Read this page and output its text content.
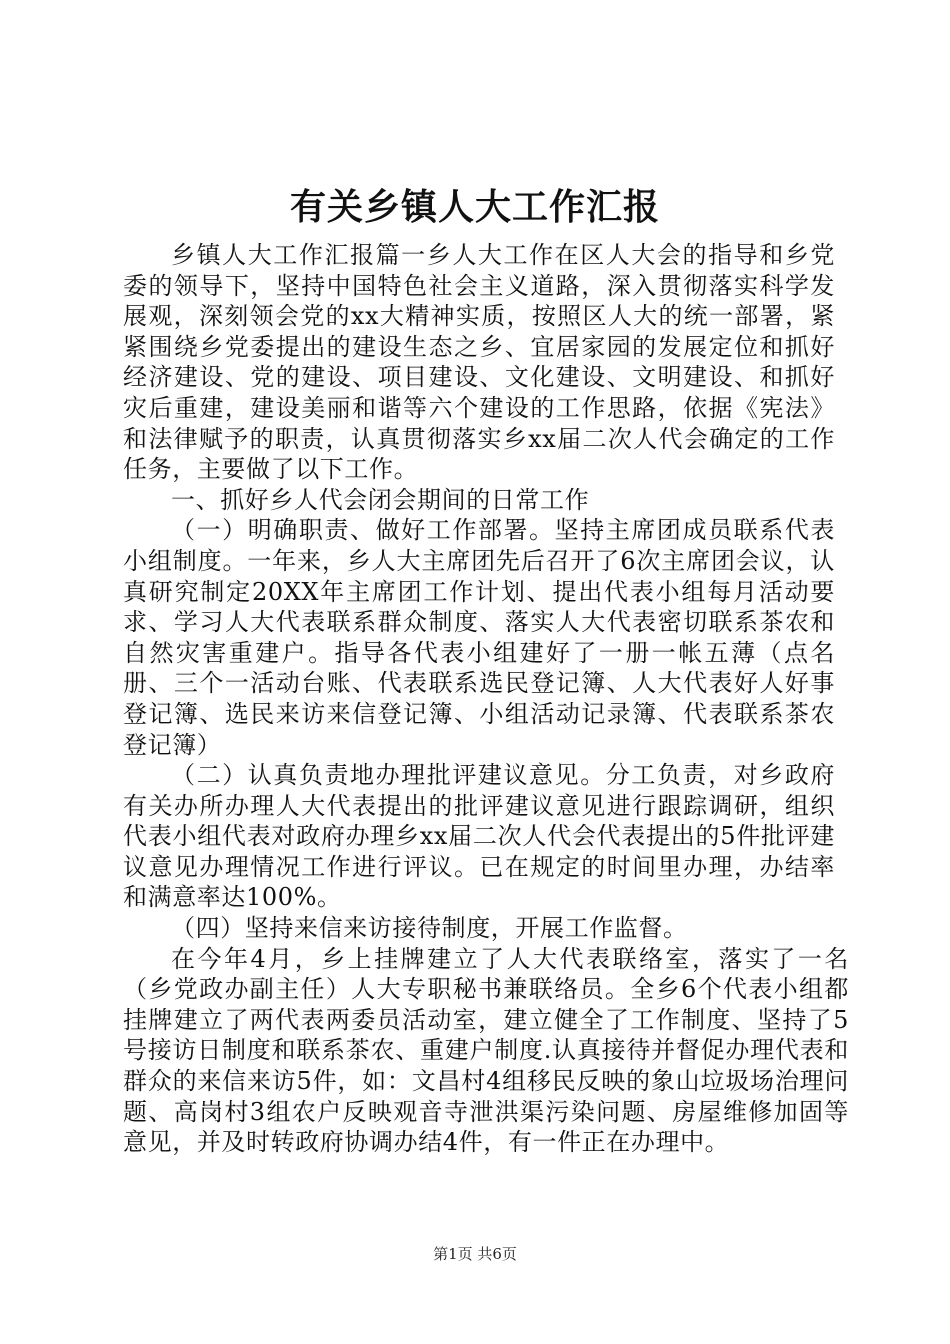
有关乡镇人大工作汇报

乡镇人大工作汇报篇一乡人大工作在区人大会的指导和乡党委的领导下，坚持中国特色社会主义道路，深入贯彻落实科学发展观，深刻领会党的xx大精神实质，按照区人大的统一部署，紧紧围绕乡党委提出的建设生态之乡、宜居家园的发展定位和抓好经济建设、党的建设、项目建设、文化建设、文明建设、和抓好灾后重建，建设美丽和谐等六个建设的工作思路，依据《宪法》和法律赋予的职责，认真贯彻落实乡xx届二次人代会确定的工作任务，主要做了以下工作。

一、抓好乡人代会闭会期间的日常工作

（一）明确职责、做好工作部署。坚持主席团成员联系代表小组制度。一年来，乡人大主席团先后召开了6次主席团会议，认真研究制定20XX年主席团工作计划、提出代表小组每月活动要求、学习人大代表联系群众制度、落实人大代表密切联系茶农和自然灾害重建户。指导各代表小组建好了一册一帐五薄（点名册、三个一活动台账、代表联系选民登记簿、人大代表好人好事登记簿、选民来访来信登记簿、小组活动记录簿、代表联系茶农登记簿）

（二）认真负责地办理批评建议意见。分工负责，对乡政府有关办所办理人大代表提出的批评建议意见进行跟踪调研，组织代表小组代表对政府办理乡xx届二次人代会代表提出的5件批评建议意见办理情况工作进行评议。已在规定的时间里办理，办结率和满意率达100%。

（四）坚持来信来访接待制度，开展工作监督。

在今年4月，乡上挂牌建立了人大代表联络室，落实了一名（乡党政办副主任）人大专职秘书兼联络员。全乡6个代表小组都挂牌建立了两代表两委员活动室，建立健全了工作制度、坚持了5号接访日制度和联系茶农、重建户制度.认真接待并督促办理代表和群众的来信来访5件，如：文昌村4组移民反映的象山垃圾场治理问题、高岗村3组农户反映观音寺泄洪渠污染问题、房屋维修加固等意见，并及时转政府协调办结4件，有一件正在办理中。

第1页 共6页
